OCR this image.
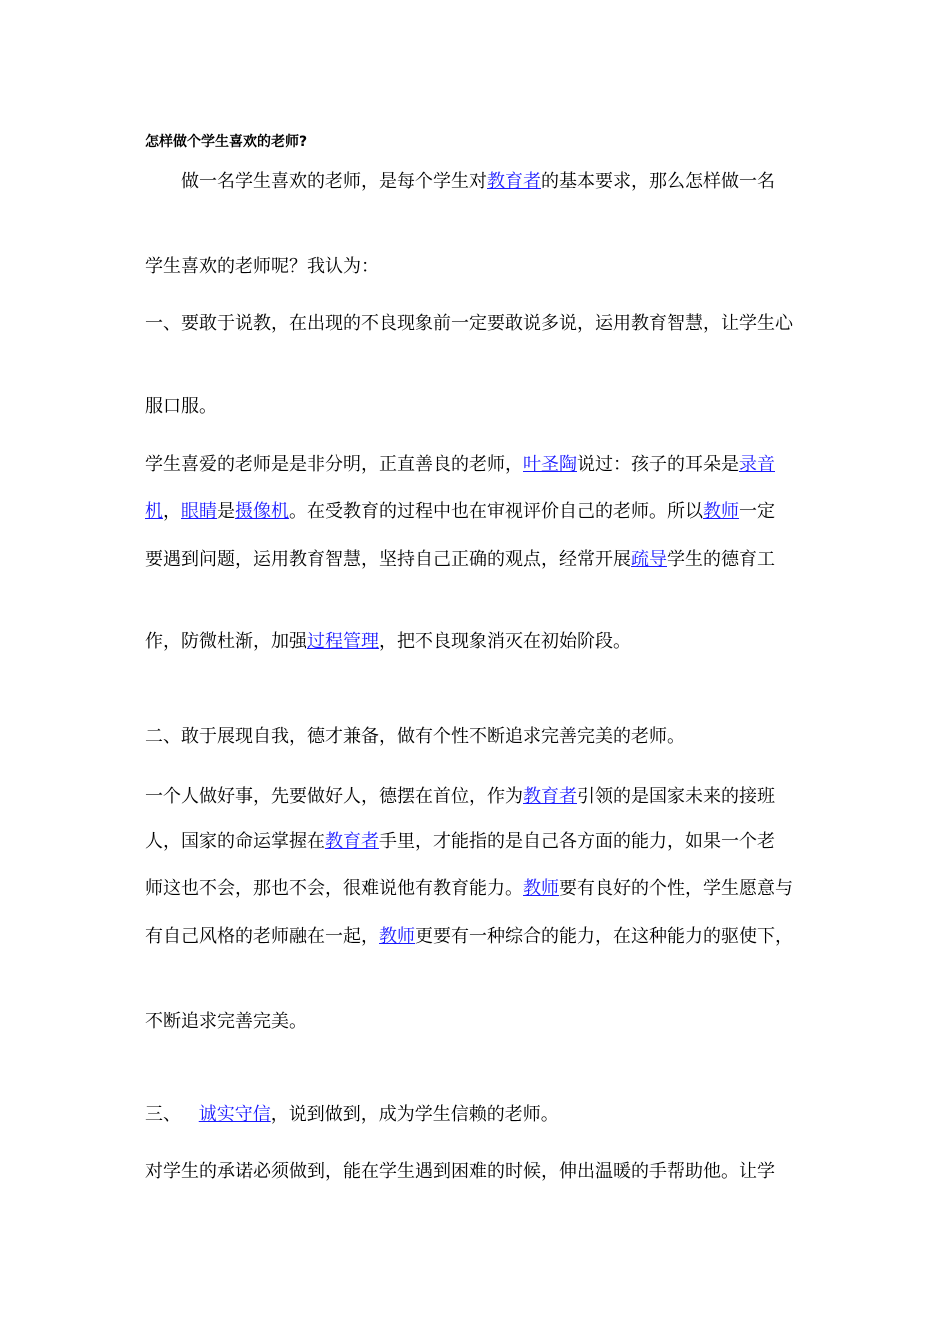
怎样做个学生喜欢的老师?
　　做一名学生喜欢的老师，是每个学生对教育者的基本要求，那么怎样做一名
学生喜欢的老师呢？我认为：
一、要敢于说教，在出现的不良现象前一定要敢说多说，运用教育智慧，让学生心
服口服。
学生喜爱的老师是是非分明，正直善良的老师，叶圣陶说过：孩子的耳朵是录音
机，眼睛是摄像机。在受教育的过程中也在审视评价自己的老师。所以教师一定
要遇到问题，运用教育智慧，坚持自己正确的观点，经常开展疏导学生的德育工
作，防微杜渐，加强过程管理，把不良现象消灭在初始阶段。
二、敢于展现自我，德才兼备，做有个性不断追求完善完美的老师。
一个人做好事，先要做好人，德摆在首位，作为教育者引领的是国家未来的接班
人，国家的命运掌握在教育者手里，才能指的是自己各方面的能力，如果一个老
师这也不会，那也不会，很难说他有教育能力。教师要有良好的个性，学生愿意与
有自己风格的老师融在一起，教师更要有一种综合的能力，在这种能力的驱使下，
不断追求完善完美。
三、 诚实守信，说到做到，成为学生信赖的老师。
对学生的承诺必须做到，能在学生遇到困难的时候，伸出温暖的手帮助他。让学
